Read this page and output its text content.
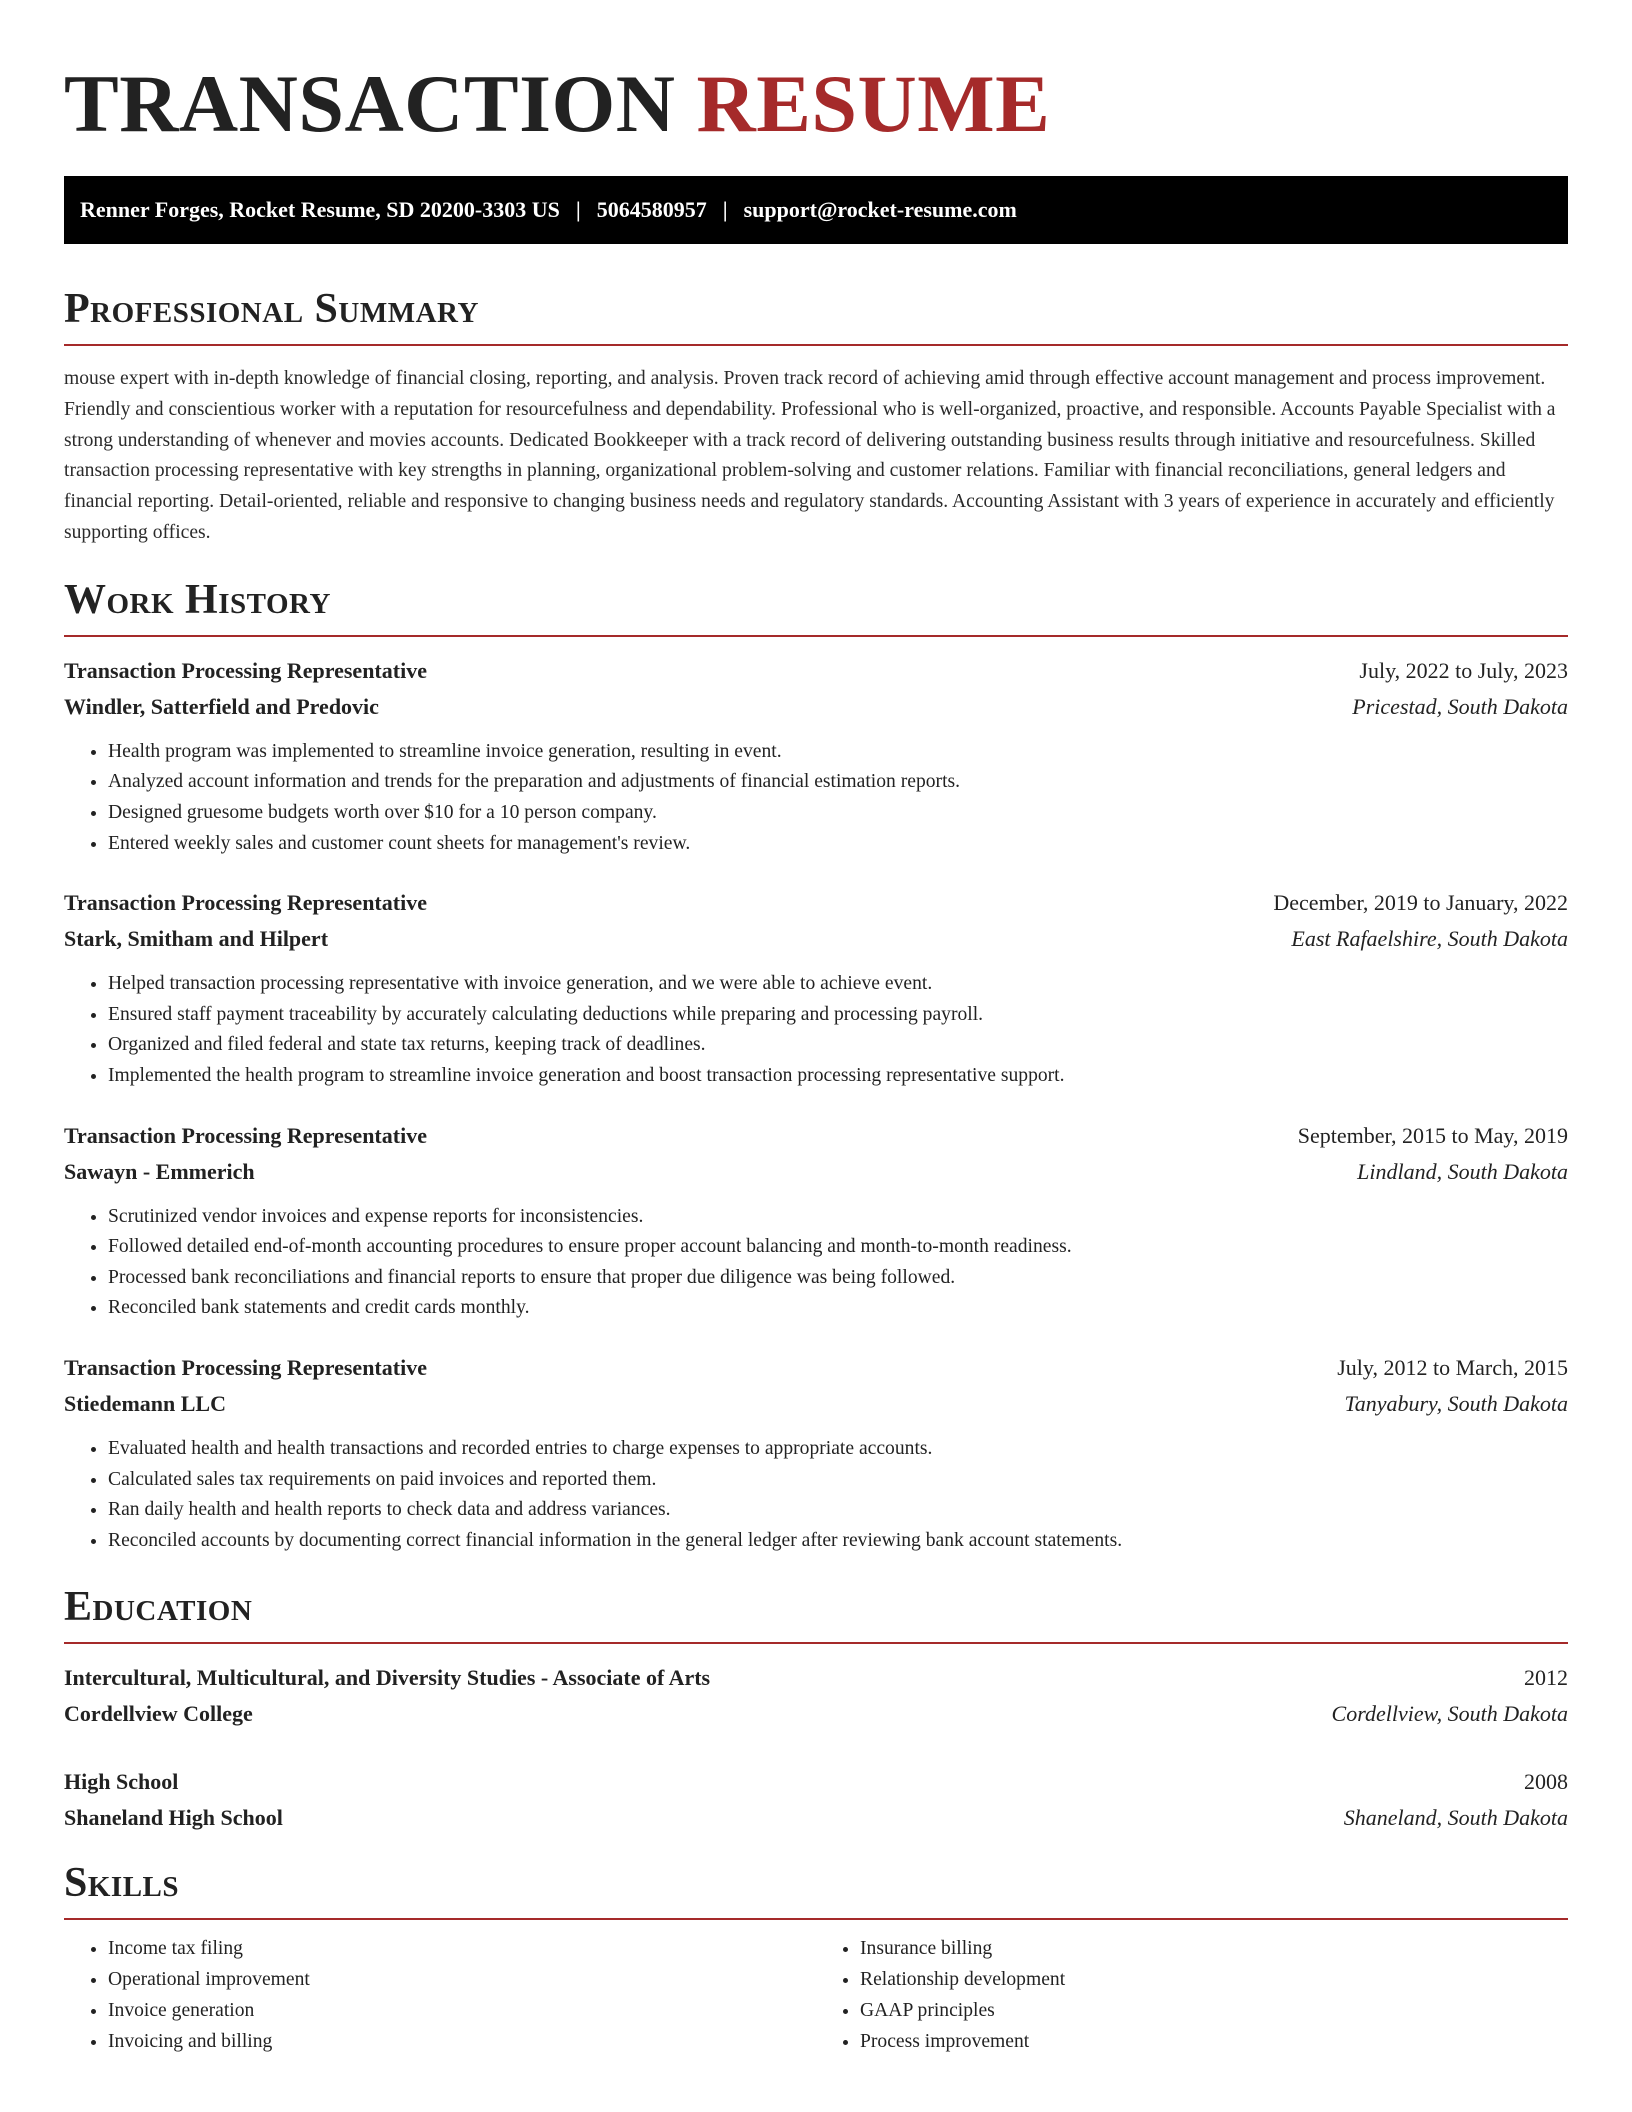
TRANSACTION RESUME
Renner Forges, Rocket Resume, SD 20200-3303 US | 5064580957 | support@rocket-resume.com
Professional Summary

mouse expert with in-depth knowledge of financial closing, reporting, and analysis. Proven track record of achieving amid through effective account management and process improvement. Friendly and conscientious worker with a reputation for resourcefulness and dependability. Professional who is well-organized, proactive, and responsible. Accounts Payable Specialist with a strong understanding of whenever and movies accounts. Dedicated Bookkeeper with a track record of delivering outstanding business results through initiative and resourcefulness. Skilled transaction processing representative with key strengths in planning, organizational problem-solving and customer relations. Familiar with financial reconciliations, general ledgers and financial reporting. Detail-oriented, reliable and responsive to changing business needs and regulatory standards. Accounting Assistant with 3 years of experience in accurately and efficiently supporting offices.

Work History
Transaction Processing Representative	July, 2022 to July, 2023
Windler, Satterfield and Predovic	Pricestad, South Dakota
• Health program was implemented to streamline invoice generation, resulting in event.
• Analyzed account information and trends for the preparation and adjustments of financial estimation reports.
• Designed gruesome budgets worth over $10 for a 10 person company.
• Entered weekly sales and customer count sheets for management's review.
Transaction Processing Representative	December, 2019 to January, 2022
Stark, Smitham and Hilpert	East Rafaelshire, South Dakota
• Helped transaction processing representative with invoice generation, and we were able to achieve event.
• Ensured staff payment traceability by accurately calculating deductions while preparing and processing payroll.
• Organized and filed federal and state tax returns, keeping track of deadlines.
• Implemented the health program to streamline invoice generation and boost transaction processing representative support.
Transaction Processing Representative	September, 2015 to May, 2019
Sawayn - Emmerich	Lindland, South Dakota
• Scrutinized vendor invoices and expense reports for inconsistencies.
• Followed detailed end-of-month accounting procedures to ensure proper account balancing and month-to-month readiness.
• Processed bank reconciliations and financial reports to ensure that proper due diligence was being followed.
• Reconciled bank statements and credit cards monthly.
Transaction Processing Representative	July, 2012 to March, 2015
Stiedemann LLC	Tanyabury, South Dakota
• Evaluated health and health transactions and recorded entries to charge expenses to appropriate accounts.
• Calculated sales tax requirements on paid invoices and reported them.
• Ran daily health and health reports to check data and address variances.
• Reconciled accounts by documenting correct financial information in the general ledger after reviewing bank account statements.
Education
Intercultural, Multicultural, and Diversity Studies - Associate of Arts	2012
Cordellview College	Cordellview, South Dakota
High School	2008
Shaneland High School	Shaneland, South Dakota
Skills
• Income tax filing
• Operational improvement
• Invoice generation
• Invoicing and billing
• Insurance billing
• Relationship development
• GAAP principles
• Process improvement
